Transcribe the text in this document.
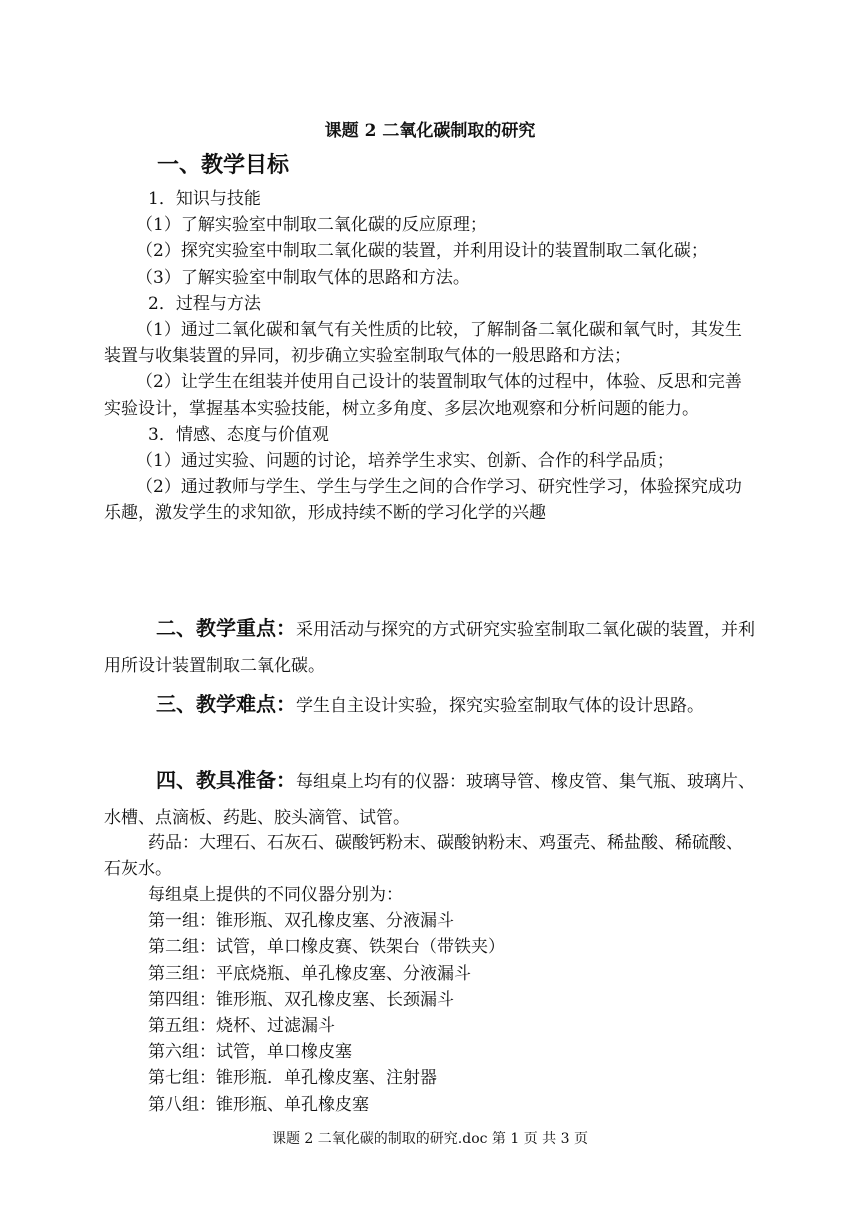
课题 2 二氧化碳制取的研究
一、教学目标

1．知识与技能

（1）了解实验室中制取二氧化碳的反应原理；

（2）探究实验室中制取二氧化碳的装置，并利用设计的装置制取二氧化碳；

（3）了解实验室中制取气体的思路和方法。

2．过程与方法

（1）通过二氧化碳和氧气有关性质的比较，了解制备二氧化碳和氧气时，其发生装置与收集装置的异同，初步确立实验室制取气体的一般思路和方法；

（2）让学生在组装并使用自己设计的装置制取气体的过程中，体验、反思和完善实验设计，掌握基本实验技能，树立多角度、多层次地观察和分析问题的能力。

3．情感、态度与价值观

（1）通过实验、问题的讨论，培养学生求实、创新、合作的科学品质；

（2）通过教师与学生、学生与学生之间的合作学习、研究性学习，体验探究成功乐趣，激发学生的求知欲，形成持续不断的学习化学的兴趣

二、教学重点：采用活动与探究的方式研究实验室制取二氧化碳的装置，并利用所设计装置制取二氧化碳。

三、教学难点：学生自主设计实验，探究实验室制取气体的设计思路。

四、教具准备：每组桌上均有的仪器：玻璃导管、橡皮管、集气瓶、玻璃片、水槽、点滴板、药匙、胶头滴管、试管。

药品：大理石、石灰石、碳酸钙粉末、碳酸钠粉末、鸡蛋壳、稀盐酸、稀硫酸、石灰水。

每组桌上提供的不同仪器分别为：
第一组：锥形瓶、双孔橡皮塞、分液漏斗
第二组：试管，单口橡皮赛、铁架台（带铁夹）
第三组：平底烧瓶、单孔橡皮塞、分液漏斗
第四组：锥形瓶、双孔橡皮塞、长颈漏斗
第五组：烧杯、过滤漏斗
第六组：试管，单口橡皮塞
第七组：锥形瓶．单孔橡皮塞、注射器
第八组：锥形瓶、单孔橡皮塞
课题 2 二氧化碳的制取的研究.doc 第 1 页 共 3 页
